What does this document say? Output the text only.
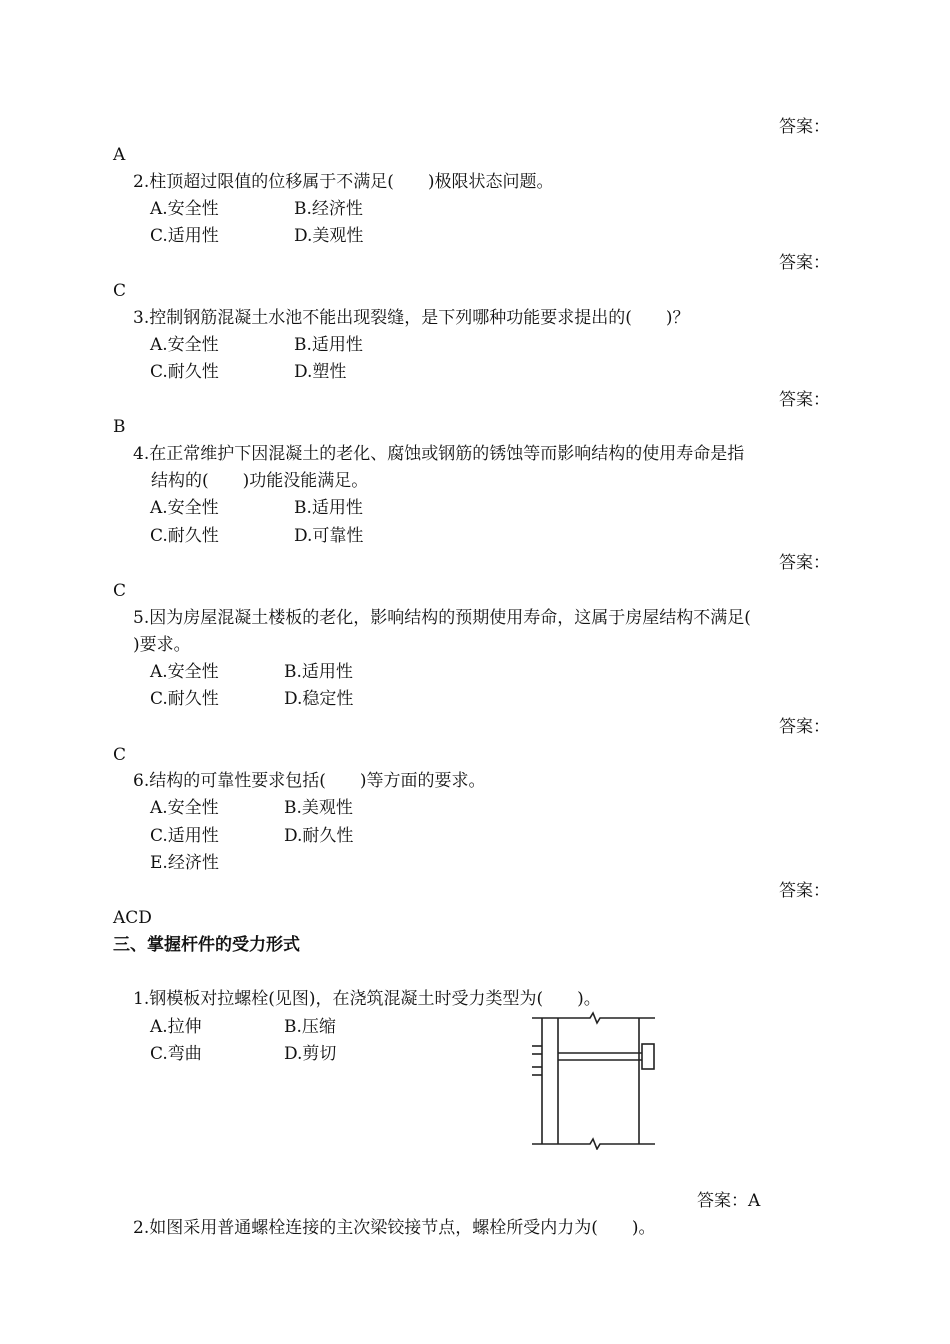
答案：
A
2.柱顶超过限值的位移属于不满足(　　)极限状态问题。
A.安全性	B.经济性
C.适用性	D.美观性
答案：
C
3.控制钢筋混凝土水池不能出现裂缝，是下列哪种功能要求提出的(　　)？
A.安全性	B.适用性
C.耐久性	D.塑性
答案：
B
4.在正常维护下因混凝土的老化、腐蚀或钢筋的锈蚀等而影响结构的使用寿命是指
结构的(　　)功能没能满足。
A.安全性	B.适用性
C.耐久性	D.可靠性
答案：
C
5.因为房屋混凝土楼板的老化，影响结构的预期使用寿命，这属于房屋结构不满足(
)要求。
A.安全性	B.适用性
C.耐久性	D.稳定性
答案：
C
6.结构的可靠性要求包括(　　)等方面的要求。
A.安全性	B.美观性
C.适用性	D.耐久性
E.经济性
答案：
ACD
三、掌握杆件的受力形式
1.钢模板对拉螺栓(见图)，在浇筑混凝土时受力类型为(　　)。
A.拉伸	B.压缩
C.弯曲	D.剪切
答案：A
2.如图采用普通螺栓连接的主次梁铰接节点，螺栓所受内力为(　　)。
